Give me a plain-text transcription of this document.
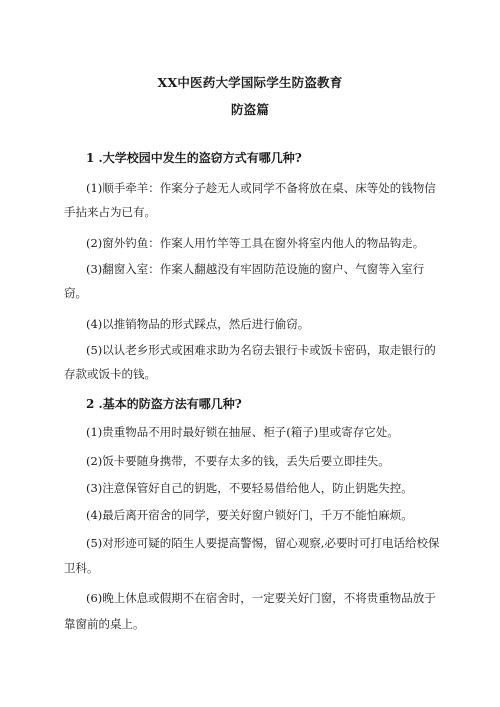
XX中医药大学国际学生防盗教育
防盗篇
1 .大学校园中发生的盗窃方式有哪几种?
(1)顺手牵羊：作案分子趁无人或同学不备将放在桌、床等处的钱物信
手拈来占为已有。
(2)窗外钓鱼：作案人用竹竿等工具在窗外将室内他人的物品钩走。
(3)翻窗入室：作案人翻越没有牢固防范设施的窗户、气窗等入室行
窃。
(4)以推销物品的形式踩点，然后进行偷窃。
(5)以认老乡形式或困难求助为名窃去银行卡或饭卡密码，取走银行的
存款或饭卡的钱。
2 .基本的防盗方法有哪几种?
(1)贵重物品不用时最好锁在抽屉、柜子(箱子)里或寄存它处。
(2)饭卡要随身携带，不要存太多的钱，丢失后要立即挂失。
(3)注意保管好自己的钥匙，不要轻易借给他人，防止钥匙失控。
(4)最后离开宿舍的同学，要关好窗户锁好门，千万不能怕麻烦。
(5)对形迹可疑的陌生人要提高警惕，留心观察,必要时可打电话给校保
卫科。
(6)晚上休息或假期不在宿舍时，一定要关好门窗，不将贵重物品放于
靠窗前的桌上。
